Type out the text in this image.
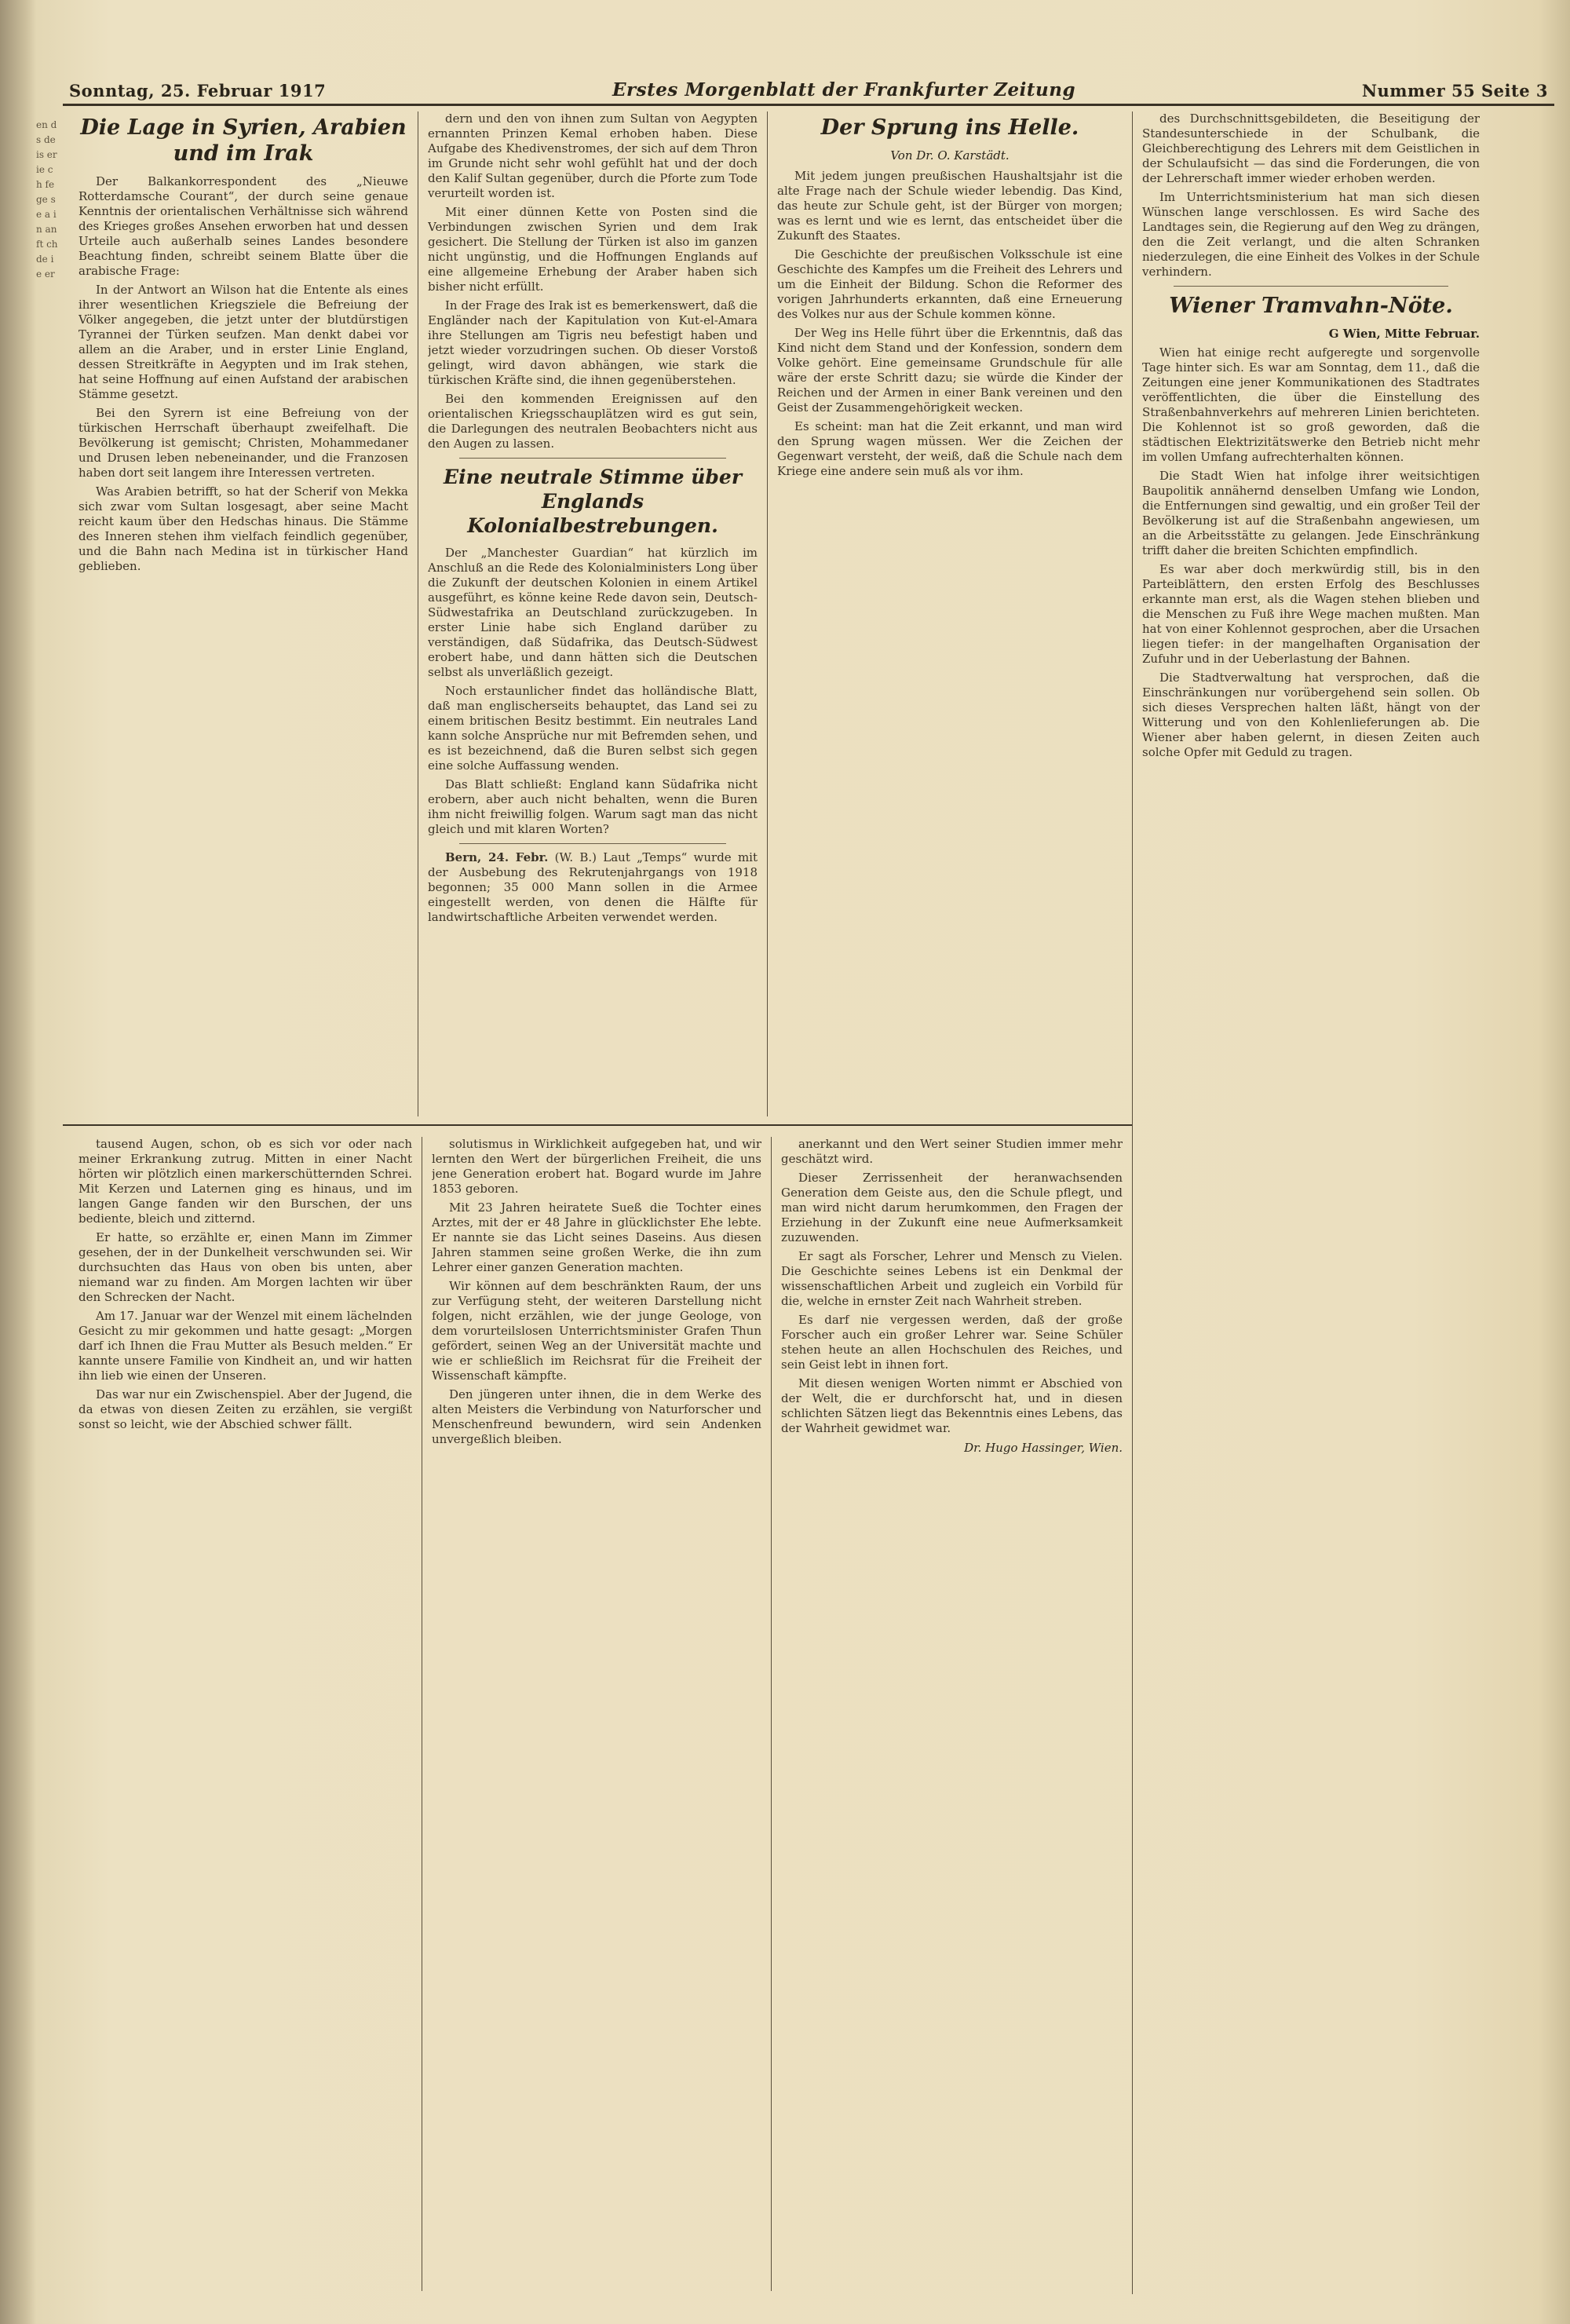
en ds de is er ie ch fe ge se a in an ft ch de ie er
Sonntag, 25. Februar 1917	Erstes Morgenblatt der Frankfurter Zeitung	Nummer 55 Seite 3
Die Lage in Syrien, Arabien und im Irak

Der Balkankorrespondent des „Nieuwe Rotterdamsche Courant“, der durch seine genaue Kenntnis der orientalischen Verhältnisse sich während des Krieges großes Ansehen erworben hat und dessen Urteile auch außerhalb seines Landes besondere Beachtung finden, schreibt seinem Blatte über die arabische Frage:

In der Antwort an Wilson hat die Entente als eines ihrer wesentlichen Kriegsziele die Befreiung der Völker angegeben, die jetzt unter der blutdürstigen Tyrannei der Türken seufzen. Man denkt dabei vor allem an die Araber, und in erster Linie England, dessen Streitkräfte in Aegypten und im Irak stehen, hat seine Hoffnung auf einen Aufstand der arabischen Stämme gesetzt.

Bei den Syrern ist eine Befreiung von der türkischen Herrschaft überhaupt zweifelhaft. Die Bevölkerung ist gemischt; Christen, Mohammedaner und Drusen leben nebeneinander, und die Franzosen haben dort seit langem ihre Interessen vertreten.

Was Arabien betrifft, so hat der Scherif von Mekka sich zwar vom Sultan losgesagt, aber seine Macht reicht kaum über den Hedschas hinaus. Die Stämme des Inneren stehen ihm vielfach feindlich gegenüber, und die Bahn nach Medina ist in türkischer Hand geblieben.

dern und den von ihnen zum Sultan von Aegypten ernannten Prinzen Kemal erhoben haben. Diese Aufgabe des Khedivenstromes, der sich auf dem Thron im Grunde nicht sehr wohl gefühlt hat und der doch den Kalif Sultan gegenüber, durch die Pforte zum Tode verurteilt worden ist.

Mit einer dünnen Kette von Posten sind die Verbindungen zwischen Syrien und dem Irak gesichert. Die Stellung der Türken ist also im ganzen nicht ungünstig, und die Hoffnungen Englands auf eine allgemeine Erhebung der Araber haben sich bisher nicht erfüllt.

In der Frage des Irak ist es bemerkenswert, daß die Engländer nach der Kapitulation von Kut-el-Amara ihre Stellungen am Tigris neu befestigt haben und jetzt wieder vorzudringen suchen. Ob dieser Vorstoß gelingt, wird davon abhängen, wie stark die türkischen Kräfte sind, die ihnen gegenüberstehen.

Bei den kommenden Ereignissen auf den orientalischen Kriegsschauplätzen wird es gut sein, die Darlegungen des neutralen Beobachters nicht aus den Augen zu lassen.

Eine neutrale Stimme über Englands Kolonialbestrebungen.

Der „Manchester Guardian“ hat kürzlich im Anschluß an die Rede des Kolonialministers Long über die Zukunft der deutschen Kolonien in einem Artikel ausgeführt, es könne keine Rede davon sein, Deutsch-Südwestafrika an Deutschland zurückzugeben. In erster Linie habe sich England darüber zu verständigen, daß Südafrika, das Deutsch-Südwest erobert habe, und dann hätten sich die Deutschen selbst als unverläßlich gezeigt.

Noch erstaunlicher findet das holländische Blatt, daß man englischerseits behauptet, das Land sei zu einem britischen Besitz bestimmt. Ein neutrales Land kann solche Ansprüche nur mit Befremden sehen, und es ist bezeichnend, daß die Buren selbst sich gegen eine solche Auffassung wenden.

Das Blatt schließt: England kann Südafrika nicht erobern, aber auch nicht behalten, wenn die Buren ihm nicht freiwillig folgen. Warum sagt man das nicht gleich und mit klaren Worten?

Bern, 24. Febr. (W. B.) Laut „Temps“ wurde mit der Ausbebung des Rekrutenjahrgangs von 1918 begonnen; 35 000 Mann sollen in die Armee eingestellt werden, von denen die Hälfte für landwirtschaftliche Arbeiten verwendet werden.

Der Sprung ins Helle.
Von Dr. O. Karstädt.

Mit jedem jungen preußischen Haushaltsjahr ist die alte Frage nach der Schule wieder lebendig. Das Kind, das heute zur Schule geht, ist der Bürger von morgen; was es lernt und wie es lernt, das entscheidet über die Zukunft des Staates.

Die Geschichte der preußischen Volksschule ist eine Geschichte des Kampfes um die Freiheit des Lehrers und um die Einheit der Bildung. Schon die Reformer des vorigen Jahrhunderts erkannten, daß eine Erneuerung des Volkes nur aus der Schule kommen könne.

Der Weg ins Helle führt über die Erkenntnis, daß das Kind nicht dem Stand und der Konfession, sondern dem Volke gehört. Eine gemeinsame Grundschule für alle wäre der erste Schritt dazu; sie würde die Kinder der Reichen und der Armen in einer Bank vereinen und den Geist der Zusammengehörigkeit wecken.

Es scheint: man hat die Zeit erkannt, und man wird den Sprung wagen müssen. Wer die Zeichen der Gegenwart versteht, der weiß, daß die Schule nach dem Kriege eine andere sein muß als vor ihm.

des Durchschnittsgebildeten, die Beseitigung der Standesunterschiede in der Schulbank, die Gleichberechtigung des Lehrers mit dem Geistlichen in der Schulaufsicht — das sind die Forderungen, die von der Lehrerschaft immer wieder erhoben werden.

Im Unterrichtsministerium hat man sich diesen Wünschen lange verschlossen. Es wird Sache des Landtages sein, die Regierung auf den Weg zu drängen, den die Zeit verlangt, und die alten Schranken niederzulegen, die eine Einheit des Volkes in der Schule verhindern.

Wiener Tramvahn-Nöte.
G Wien, Mitte Februar.

Wien hat einige recht aufgeregte und sorgenvolle Tage hinter sich. Es war am Sonntag, dem 11., daß die Zeitungen eine jener Kommunikationen des Stadtrates veröffentlichten, die über die Einstellung des Straßenbahnverkehrs auf mehreren Linien berichteten. Die Kohlennot ist so groß geworden, daß die städtischen Elektrizitätswerke den Betrieb nicht mehr im vollen Umfang aufrechterhalten können.

Die Stadt Wien hat infolge ihrer weitsichtigen Baupolitik annähernd denselben Umfang wie London, die Entfernungen sind gewaltig, und ein großer Teil der Bevölkerung ist auf die Straßenbahn angewiesen, um an die Arbeitsstätte zu gelangen. Jede Einschränkung trifft daher die breiten Schichten empfindlich.

Es war aber doch merkwürdig still, bis in den Parteiblättern, den ersten Erfolg des Beschlusses erkannte man erst, als die Wagen stehen blieben und die Menschen zu Fuß ihre Wege machen mußten. Man hat von einer Kohlennot gesprochen, aber die Ursachen liegen tiefer: in der mangelhaften Organisation der Zufuhr und in der Ueberlastung der Bahnen.

Die Stadtverwaltung hat versprochen, daß die Einschränkungen nur vorübergehend sein sollen. Ob sich dieses Versprechen halten läßt, hängt von der Witterung und von den Kohlenlieferungen ab. Die Wiener aber haben gelernt, in diesen Zeiten auch solche Opfer mit Geduld zu tragen.

tausend Augen, schon, ob es sich vor oder nach meiner Erkrankung zutrug. Mitten in einer Nacht hörten wir plötzlich einen markerschütternden Schrei. Mit Kerzen und Laternen ging es hinaus, und im langen Gange fanden wir den Burschen, der uns bediente, bleich und zitternd.

Er hatte, so erzählte er, einen Mann im Zimmer gesehen, der in der Dunkelheit verschwunden sei. Wir durchsuchten das Haus von oben bis unten, aber niemand war zu finden. Am Morgen lachten wir über den Schrecken der Nacht.

Am 17. Januar war der Wenzel mit einem lächelnden Gesicht zu mir gekommen und hatte gesagt: „Morgen darf ich Ihnen die Frau Mutter als Besuch melden.“ Er kannte unsere Familie von Kindheit an, und wir hatten ihn lieb wie einen der Unseren.

Das war nur ein Zwischenspiel. Aber der Jugend, die da etwas von diesen Zeiten zu erzählen, sie vergißt sonst so leicht, wie der Abschied schwer fällt.

solutismus in Wirklichkeit aufgegeben hat, und wir lernten den Wert der bürgerlichen Freiheit, die uns jene Generation erobert hat. Bogard wurde im Jahre 1853 geboren.

Mit 23 Jahren heiratete Sueß die Tochter eines Arztes, mit der er 48 Jahre in glücklichster Ehe lebte. Er nannte sie das Licht seines Daseins. Aus diesen Jahren stammen seine großen Werke, die ihn zum Lehrer einer ganzen Generation machten.

Wir können auf dem beschränkten Raum, der uns zur Verfügung steht, der weiteren Darstellung nicht folgen, nicht erzählen, wie der junge Geologe, von dem vorurteilslosen Unterrichtsminister Grafen Thun gefördert, seinen Weg an der Universität machte und wie er schließlich im Reichsrat für die Freiheit der Wissenschaft kämpfte.

Den jüngeren unter ihnen, die in dem Werke des alten Meisters die Verbindung von Naturforscher und Menschenfreund bewundern, wird sein Andenken unvergeßlich bleiben.

anerkannt und den Wert seiner Studien immer mehr geschätzt wird.

Dieser Zerrissenheit der heranwachsenden Generation dem Geiste aus, den die Schule pflegt, und man wird nicht darum herumkommen, den Fragen der Erziehung in der Zukunft eine neue Aufmerksamkeit zuzuwenden.

Er sagt als Forscher, Lehrer und Mensch zu Vielen. Die Geschichte seines Lebens ist ein Denkmal der wissenschaftlichen Arbeit und zugleich ein Vorbild für die, welche in ernster Zeit nach Wahrheit streben.

Es darf nie vergessen werden, daß der große Forscher auch ein großer Lehrer war. Seine Schüler stehen heute an allen Hochschulen des Reiches, und sein Geist lebt in ihnen fort.

Mit diesen wenigen Worten nimmt er Abschied von der Welt, die er durchforscht hat, und in diesen schlichten Sätzen liegt das Bekenntnis eines Lebens, das der Wahrheit gewidmet war.

Dr. Hugo Hassinger, Wien.
